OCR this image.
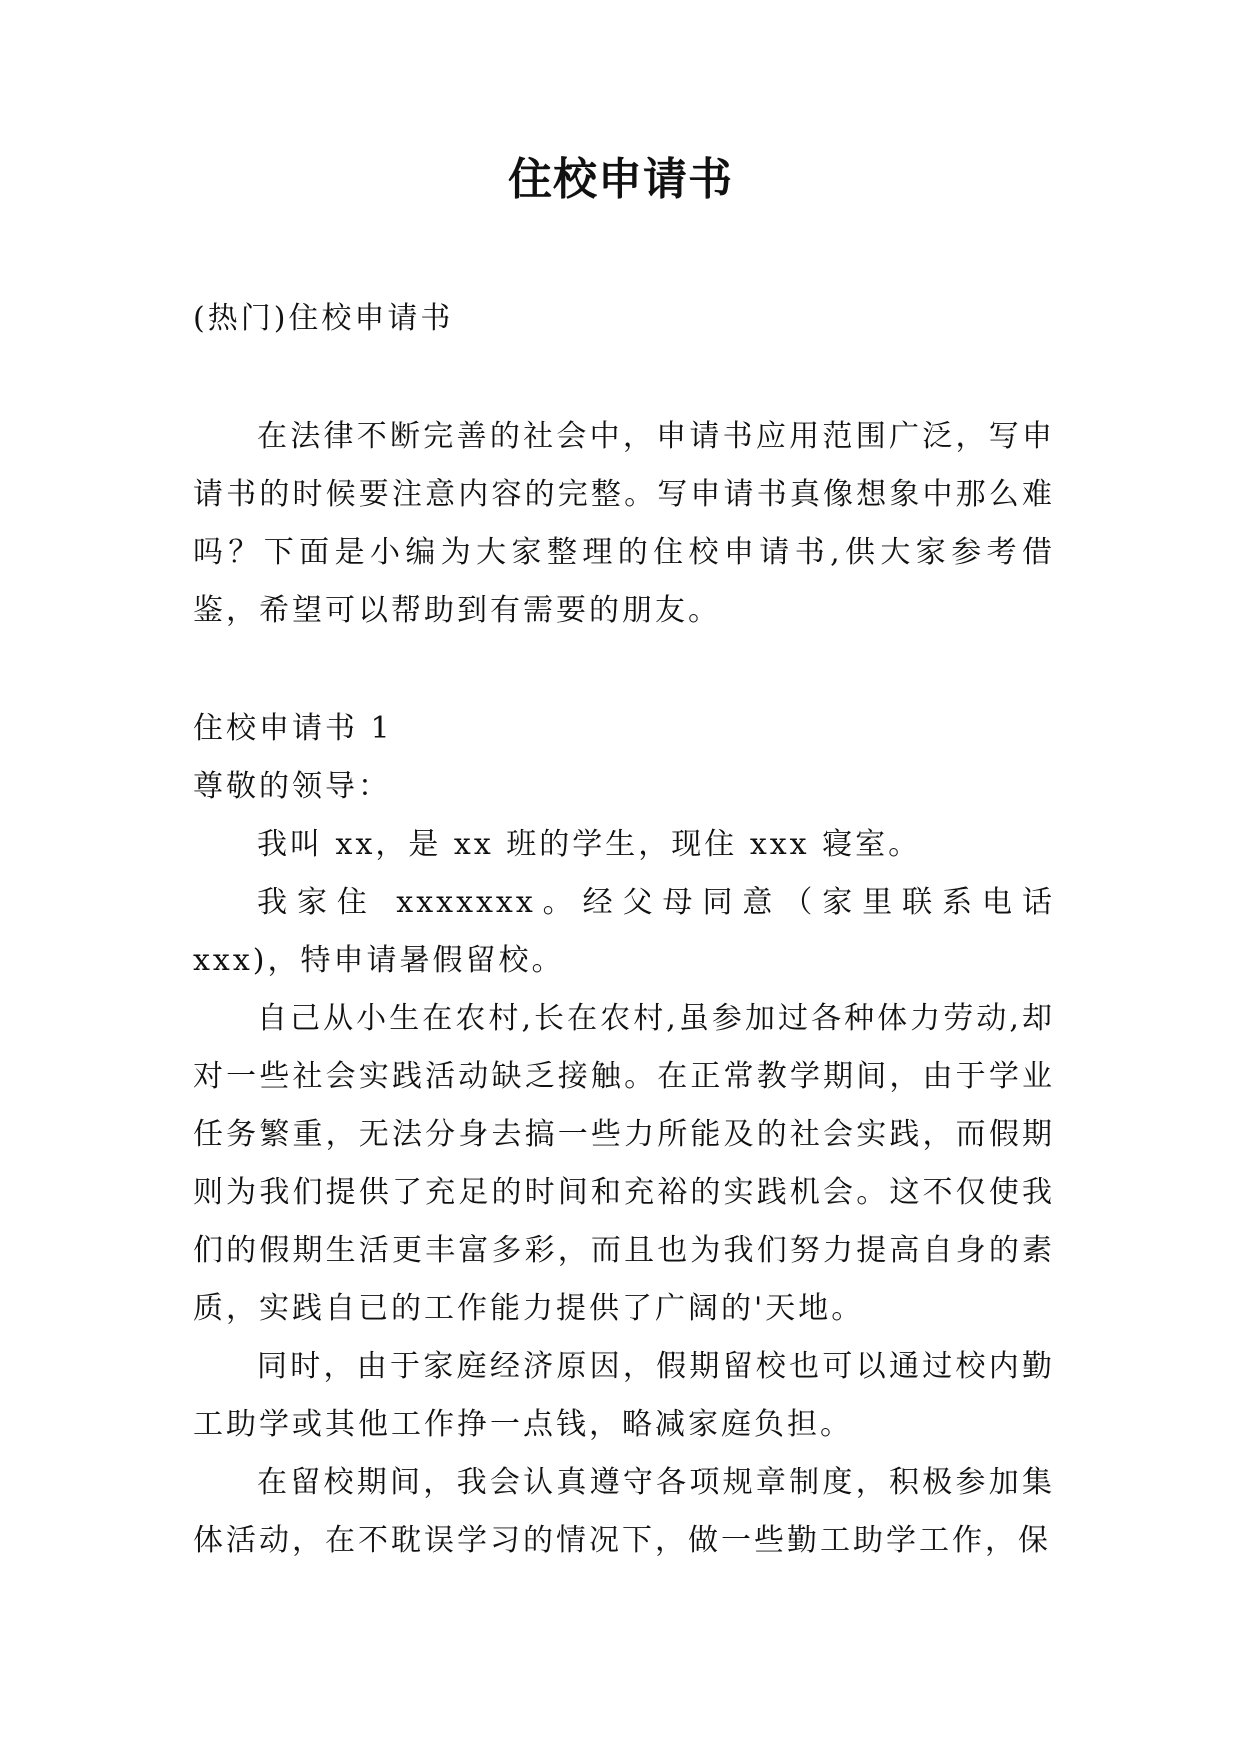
住校申请书

(热门)住校申请书

在法律不断完善的社会中，申请书应用范围广泛，写申请书的时候要注意内容的完整。写申请书真像想象中那么难吗？下面是小编为大家整理的住校申请书,供大家参考借鉴，希望可以帮助到有需要的朋友。

住校申请书 1

尊敬的领导：

我叫 xx，是 xx 班的学生，现住 xxx 寝室。

我家住 xxxxxxx。经父母同意（家里联系电话 xxx)，特申请暑假留校。

自己从小生在农村,长在农村,虽参加过各种体力劳动,却对一些社会实践活动缺乏接触。在正常教学期间，由于学业任务繁重，无法分身去搞一些力所能及的社会实践，而假期则为我们提供了充足的时间和充裕的实践机会。这不仅使我们的假期生活更丰富多彩，而且也为我们努力提高自身的素质，实践自已的工作能力提供了广阔的'天地。

同时，由于家庭经济原因，假期留校也可以通过校内勤工助学或其他工作挣一点钱，略减家庭负担。

在留校期间，我会认真遵守各项规章制度，积极参加集体活动，在不耽误学习的情况下，做一些勤工助学工作，保
